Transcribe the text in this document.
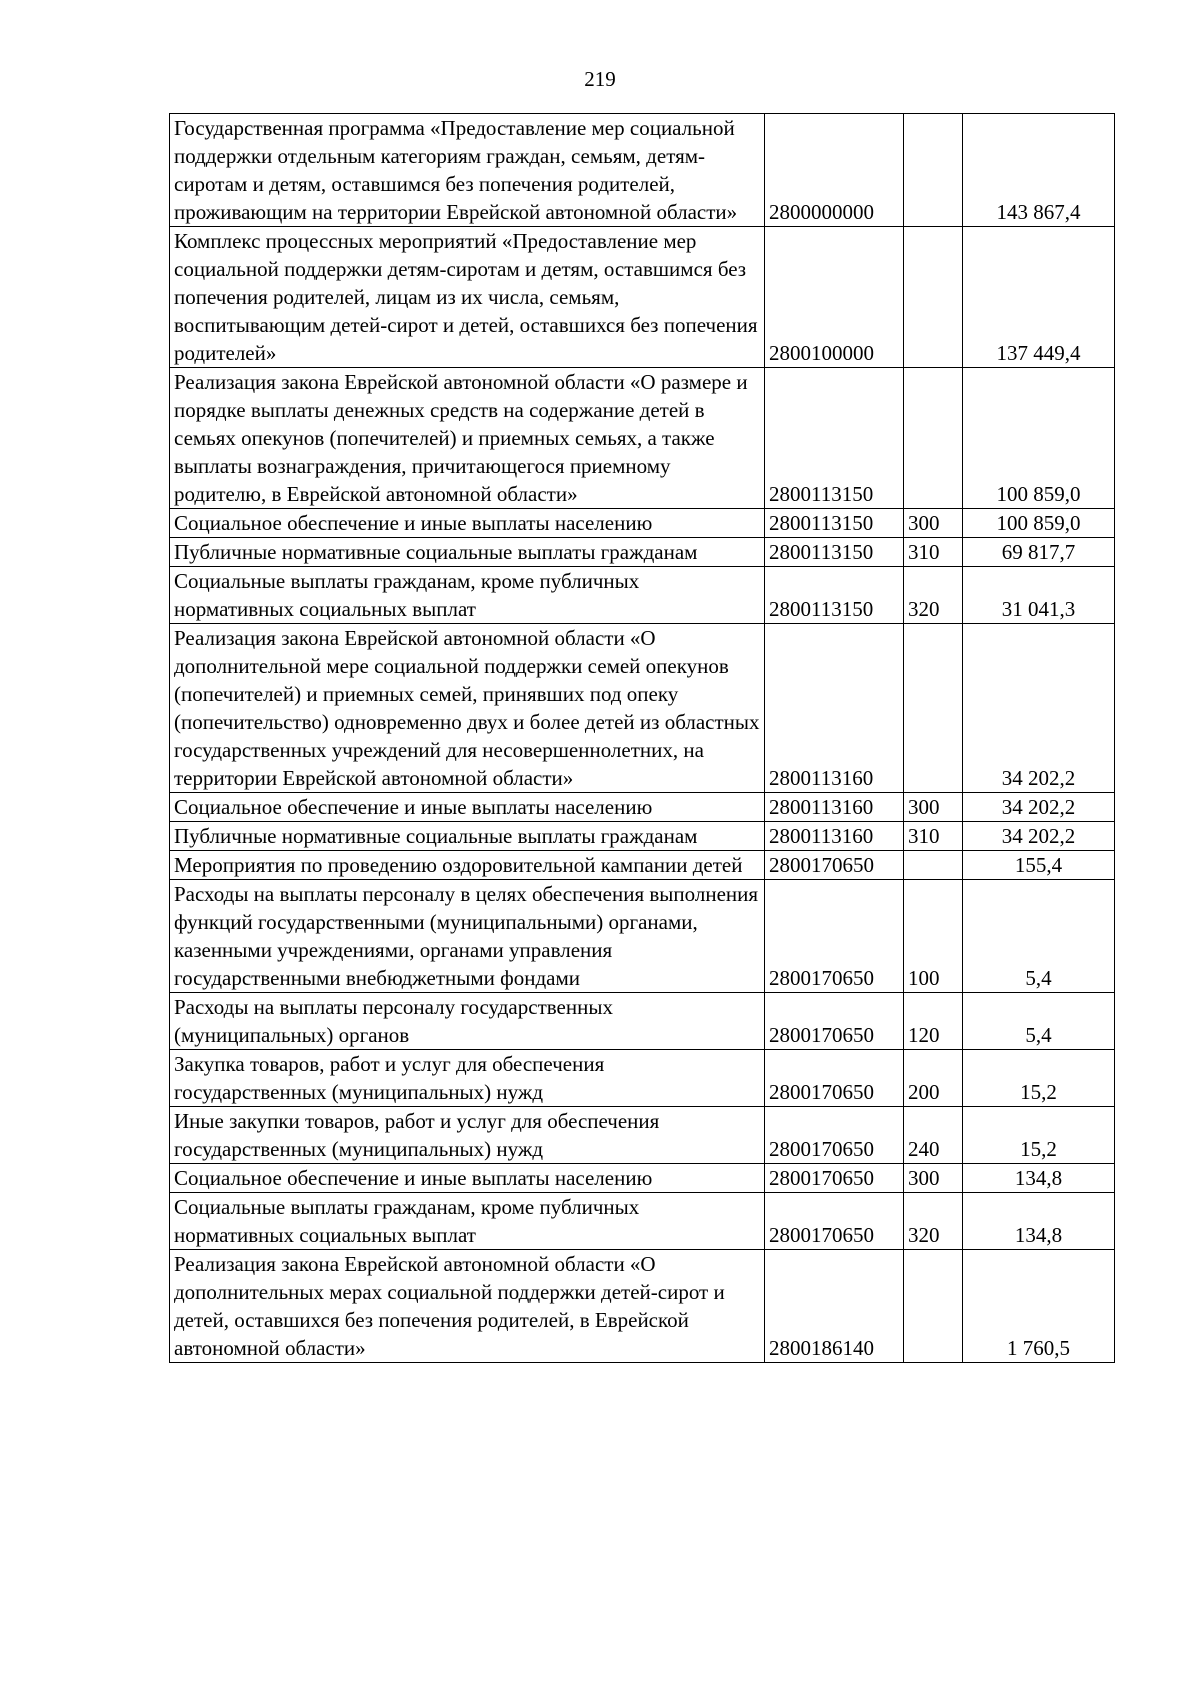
219
Государственная программа «Предоставление мер социальной поддержки отдельным категориям граждан, семьям, детям-сиротам и детям, оставшимся без попечения родителей, проживающим на территории Еврейской автономной области»	2800000000		143 867,4
Комплекс процессных мероприятий «Предоставление мер социальной поддержки детям-сиротам и детям, оставшимся без попечения родителей, лицам из их числа, семьям, воспитывающим детей-сирот и детей, оставшихся без попечения родителей»	2800100000		137 449,4
Реализация закона Еврейской автономной области «О размере и порядке выплаты денежных средств на содержание детей в семьях опекунов (попечителей) и приемных семьях, а также выплаты вознаграждения, причитающегося приемному родителю, в Еврейской автономной области»	2800113150		100 859,0
Социальное обеспечение и иные выплаты населению	2800113150	300	100 859,0
Публичные нормативные социальные выплаты гражданам	2800113150	310	69 817,7
Социальные выплаты гражданам, кроме публичных нормативных социальных выплат	2800113150	320	31 041,3
Реализация закона Еврейской автономной области «О дополнительной мере социальной поддержки семей опекунов (попечителей) и приемных семей, принявших под опеку (попечительство) одновременно двух и более детей из областных государственных учреждений для несовершеннолетних, на территории Еврейской автономной области»	2800113160		34 202,2
Социальное обеспечение и иные выплаты населению	2800113160	300	34 202,2
Публичные нормативные социальные выплаты гражданам	2800113160	310	34 202,2
Мероприятия по проведению оздоровительной кампании детей	2800170650		155,4
Расходы на выплаты персоналу в целях обеспечения выполнения функций государственными (муниципальными) органами, казенными учреждениями, органами управления государственными внебюджетными фондами	2800170650	100	5,4
Расходы на выплаты персоналу государственных (муниципальных) органов	2800170650	120	5,4
Закупка товаров, работ и услуг для обеспечения государственных (муниципальных) нужд	2800170650	200	15,2
Иные закупки товаров, работ и услуг для обеспечения государственных (муниципальных) нужд	2800170650	240	15,2
Социальное обеспечение и иные выплаты населению	2800170650	300	134,8
Социальные выплаты гражданам, кроме публичных нормативных социальных выплат	2800170650	320	134,8
Реализация закона Еврейской автономной области «О дополнительных мерах социальной поддержки детей-сирот и детей, оставшихся без попечения родителей, в Еврейской автономной области»	2800186140		1 760,5
